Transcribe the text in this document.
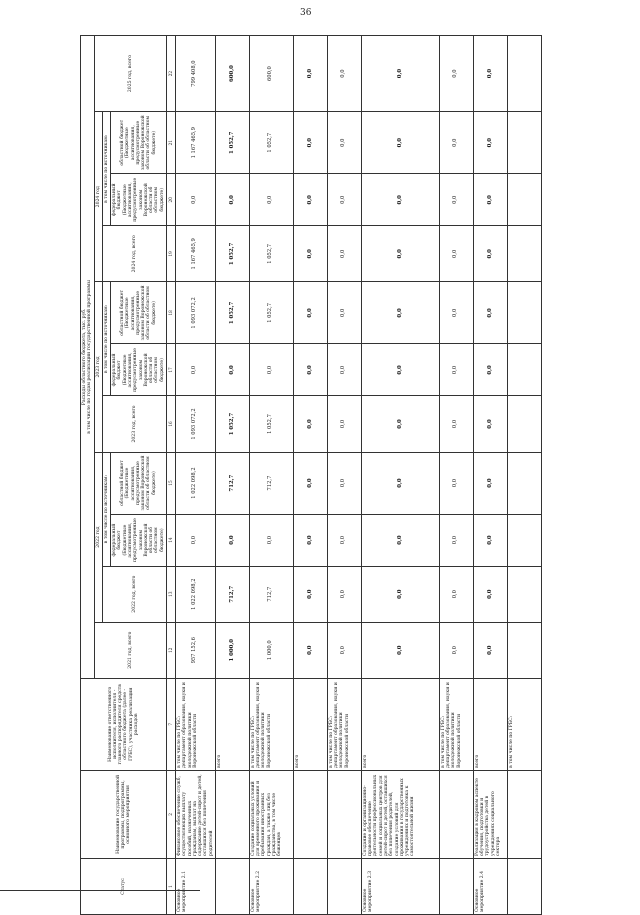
36
Статус	Наименование государственной программы, подпрограммы, основного мероприятия	Наименование ответственного исполнителя, исполнителя - главного распорядителя средств областного бюджета (далее - ГРБС), участника реализации расходов	Расходы областного бюджета, тыс. руб. в том числе по годам реализации государственной программы										

			2021 год, всего	2022 год			2023 год			2024 год			2025 год, всего
				2022 год, всего	в том числе по источникам:		2023 год, всего	в том числе по источникам:		2024 год, всего	в том числе по источникам:		
					федеральный бюджет (Бюджетные ассигнования, предусмотренные законом Воронежской области об областном бюджете)	областной бюджет (Бюджетные ассигнования, предусмотренные законом Воронежской области об областном бюджете)		федеральный бюджет (Бюджетные ассигнования, предусмотренные законом Воронежской области об областном бюджете)	областной бюджет (Бюджетные ассигнования, предусмотренные законом Воронежской области об областном бюджете)		федеральный бюджет (Бюджетные ассигнования, предусмотренные законом Воронежской области об областном бюджете)	областной бюджет (Бюджетные ассигнования, предусмотренные законом Воронежской области об областном бюджете)	
1	2	7	12	13	14	15	16	17	18	19	20	21	22
Основное мероприятие 2.1	Финансовое обеспечение служб, осуществляющих выплату пособий, назначенных гражданам, выплат на содержание детей-сирот и детей, оставшихся без попечения родителей	в том числе по ГРБС: департамент образования, науки и молодежной политики Воронежской области	957 152,6	1 022 098,2	0,0	1 022 098,2	1 093 072,2	0,0	1 093 072,2	1 167 465,9	0,0	1 167 465,9	799 408,0

		всего	1 000,0	712,7	0,0	712,7	1 052,7	0,0	1 052,7	1 052,7	0,0	1 052,7	600,0
Основное мероприятие 2.2	Создание социальных условий для временного проживания и пребывания иностранных граждан, а также лиц без гражданства, в том числе беженцев	в том числе по ГРБС: департамент образования, науки и молодежной политики Воронежской области	1 000,0	712,7	0,0	712,7	1 052,7	0,0	1 052,7	1 052,7	0,0	1 052,7	600,0

		всего	0,0	0,0	0,0	0,0	0,0	0,0	0,0	0,0	0,0	0,0	0,0

		в том числе по ГРБС: департамент образования, науки и молодежной политики Воронежской области	0,0	0,0	0,0	0,0	0,0	0,0	0,0	0,0	0,0	0,0	0,0
Основное мероприятие 2.3	Создание и организационно-правовое обеспечение деятельности профессиональных семей и социальных центров для детей-сирот и детей, оставшихся без попечения родителей, создание условий для проживания в государственных учреждениях и подготовка к самостоятельной жизни	всего	0,0	0,0	0,0	0,0	0,0	0,0	0,0	0,0	0,0	0,0	0,0

		в том числе по ГРБС: департамент образования, науки и молодежной политики Воронежской области	0,0	0,0	0,0	0,0	0,0	0,0	0,0	0,0	0,0	0,0	0,0
Основное мероприятие 2.4	Реализация в кадровом аспекте обучения, подготовки и трудоустройства детей в учреждениях социального сектора	всего	0,0	0,0	0,0	0,0	0,0	0,0	0,0	0,0	0,0	0,0	0,0

		в том числе по ГРБС:											
